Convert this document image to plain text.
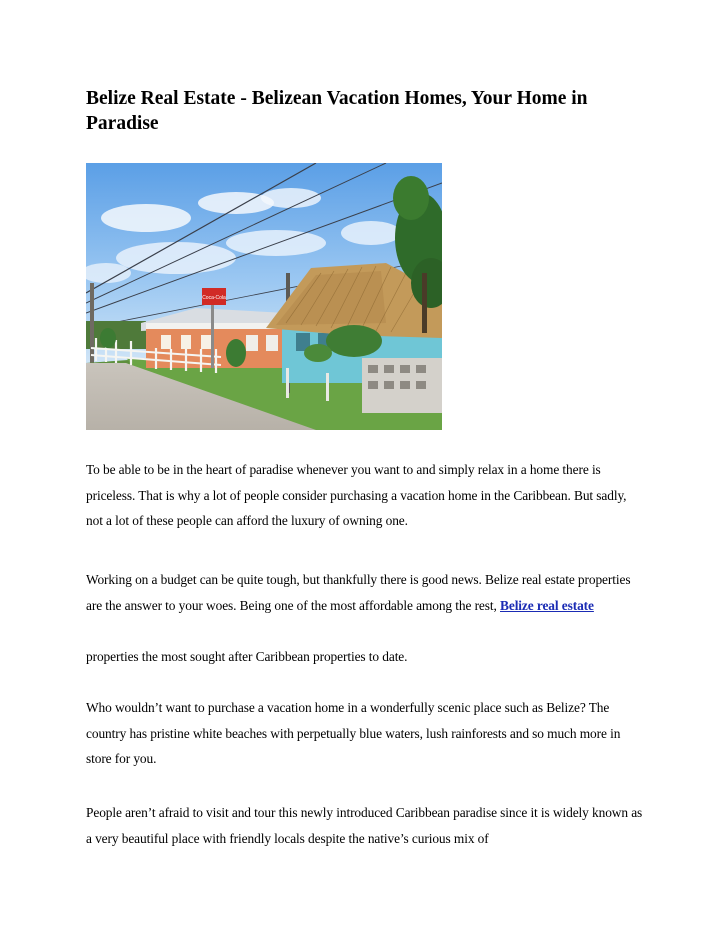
Belize Real Estate - Belizean Vacation Homes, Your Home in Paradise
Coca-Cola

To be able to be in the heart of paradise whenever you want to and simply relax in a home there is priceless. That is why a lot of people consider purchasing a vacation home in the Caribbean. But sadly, not a lot of these people can afford the luxury of owning one.

Working on a budget can be quite tough, but thankfully there is good news. Belize real estate properties are the answer to your woes. Being one of the most affordable among the rest, Belize real estate

properties the most sought after Caribbean properties to date.

Who wouldn’t want to purchase a vacation home in a wonderfully scenic place such as Belize? The country has pristine white beaches with perpetually blue waters, lush rainforests and so much more in store for you.

People aren’t afraid to visit and tour this newly introduced Caribbean paradise since it is widely known as a very beautiful place with friendly locals despite the native’s curious mix of
